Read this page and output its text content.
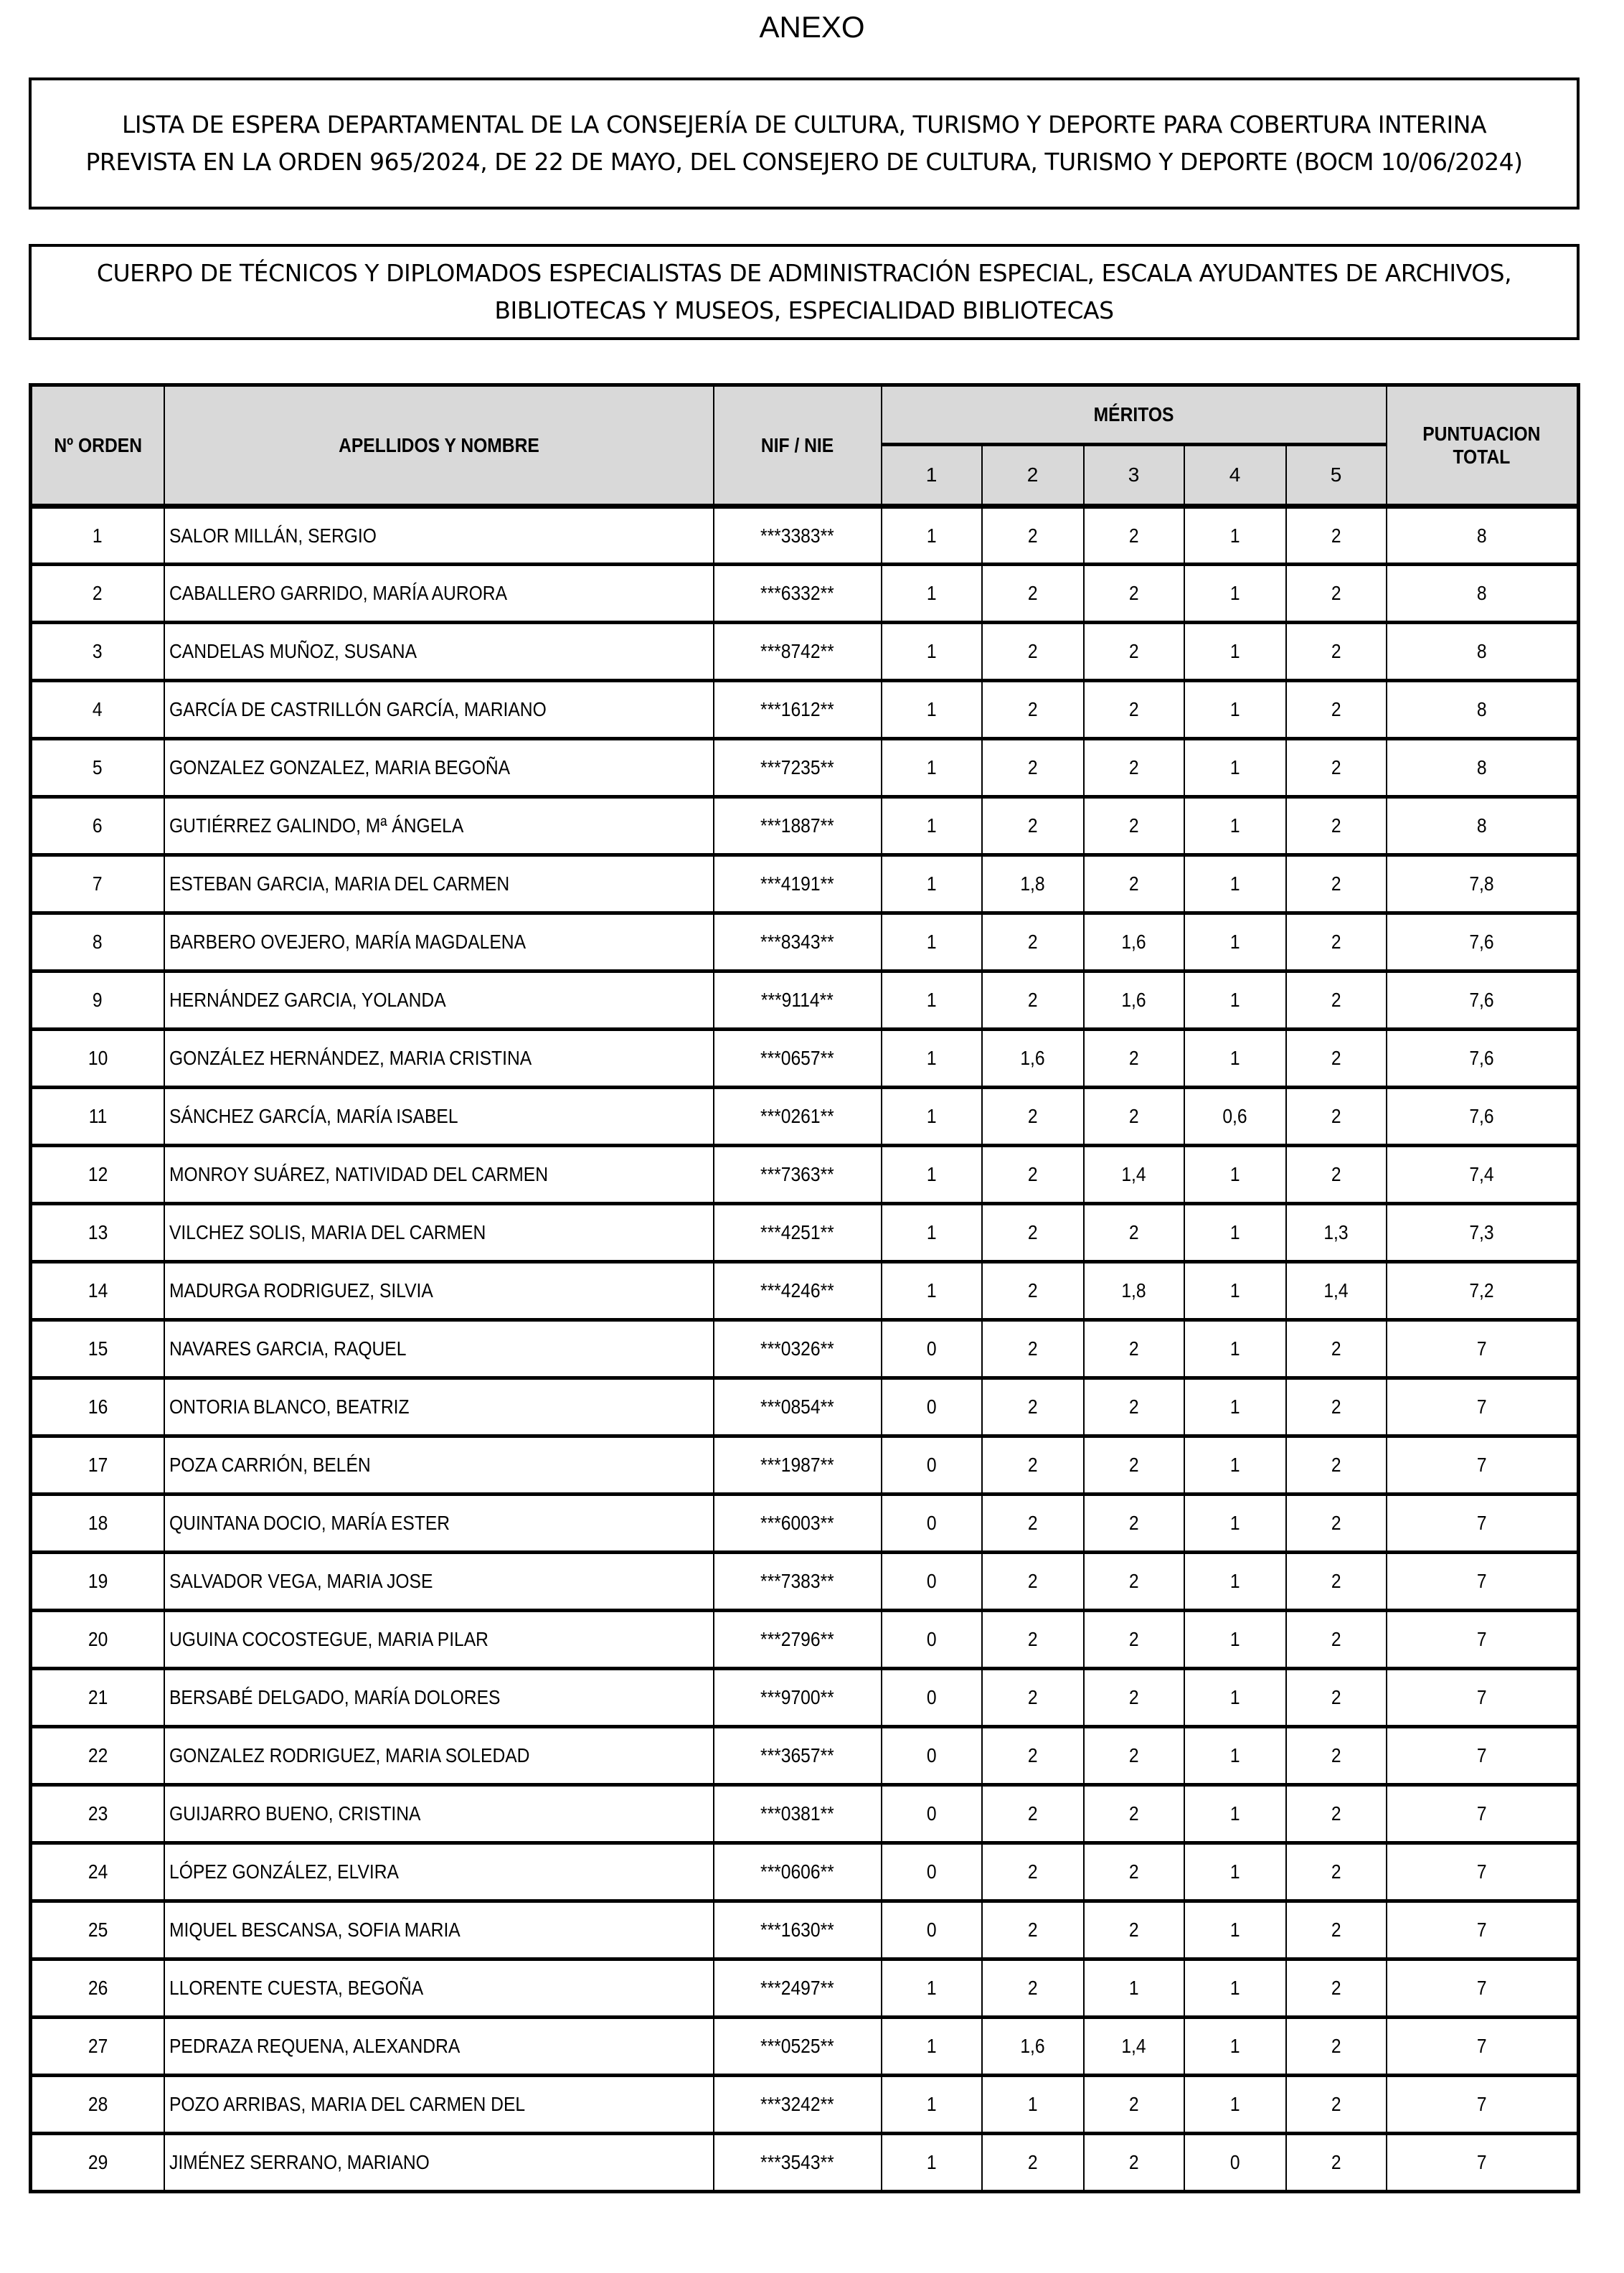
ANEXO
LISTA DE ESPERA DEPARTAMENTAL DE LA CONSEJERÍA DE CULTURA, TURISMO Y DEPORTE PARA COBERTURA INTERINA
PREVISTA EN LA ORDEN 965/2024, DE 22 DE MAYO, DEL CONSEJERO DE CULTURA, TURISMO Y DEPORTE (BOCM 10/06/2024)
CUERPO DE TÉCNICOS Y DIPLOMADOS ESPECIALISTAS DE ADMINISTRACIÓN ESPECIAL, ESCALA AYUDANTES DE ARCHIVOS,
BIBLIOTECAS Y MUSEOS, ESPECIALIDAD BIBLIOTECAS
Nº ORDEN	APELLIDOS Y NOMBRE	NIF / NIE	MÉRITOS					PUNTUACION
TOTAL
			1	2	3	4	5	
1	SALOR MILLÁN, SERGIO	***3383**	1	2	2	1	2	8
2	CABALLERO GARRIDO, MARÍA AURORA	***6332**	1	2	2	1	2	8
3	CANDELAS MUÑOZ, SUSANA	***8742**	1	2	2	1	2	8
4	GARCÍA DE CASTRILLÓN GARCÍA, MARIANO	***1612**	1	2	2	1	2	8
5	GONZALEZ GONZALEZ, MARIA BEGOÑA	***7235**	1	2	2	1	2	8
6	GUTIÉRREZ GALINDO, Mª ÁNGELA	***1887**	1	2	2	1	2	8
7	ESTEBAN GARCIA, MARIA DEL CARMEN	***4191**	1	1,8	2	1	2	7,8
8	BARBERO OVEJERO, MARÍA MAGDALENA	***8343**	1	2	1,6	1	2	7,6
9	HERNÁNDEZ GARCIA, YOLANDA	***9114**	1	2	1,6	1	2	7,6
10	GONZÁLEZ HERNÁNDEZ, MARIA CRISTINA	***0657**	1	1,6	2	1	2	7,6
11	SÁNCHEZ GARCÍA, MARÍA ISABEL	***0261**	1	2	2	0,6	2	7,6
12	MONROY SUÁREZ, NATIVIDAD DEL CARMEN	***7363**	1	2	1,4	1	2	7,4
13	VILCHEZ SOLIS, MARIA DEL CARMEN	***4251**	1	2	2	1	1,3	7,3
14	MADURGA RODRIGUEZ, SILVIA	***4246**	1	2	1,8	1	1,4	7,2
15	NAVARES GARCIA, RAQUEL	***0326**	0	2	2	1	2	7
16	ONTORIA BLANCO, BEATRIZ	***0854**	0	2	2	1	2	7
17	POZA CARRIÓN, BELÉN	***1987**	0	2	2	1	2	7
18	QUINTANA DOCIO, MARÍA ESTER	***6003**	0	2	2	1	2	7
19	SALVADOR VEGA, MARIA JOSE	***7383**	0	2	2	1	2	7
20	UGUINA COCOSTEGUE, MARIA PILAR	***2796**	0	2	2	1	2	7
21	BERSABÉ DELGADO, MARÍA DOLORES	***9700**	0	2	2	1	2	7
22	GONZALEZ RODRIGUEZ, MARIA SOLEDAD	***3657**	0	2	2	1	2	7
23	GUIJARRO BUENO, CRISTINA	***0381**	0	2	2	1	2	7
24	LÓPEZ GONZÁLEZ, ELVIRA	***0606**	0	2	2	1	2	7
25	MIQUEL BESCANSA, SOFIA MARIA	***1630**	0	2	2	1	2	7
26	LLORENTE CUESTA, BEGOÑA	***2497**	1	2	1	1	2	7
27	PEDRAZA REQUENA, ALEXANDRA	***0525**	1	1,6	1,4	1	2	7
28	POZO ARRIBAS, MARIA DEL CARMEN DEL	***3242**	1	1	2	1	2	7
29	JIMÉNEZ SERRANO, MARIANO	***3543**	1	2	2	0	2	7
